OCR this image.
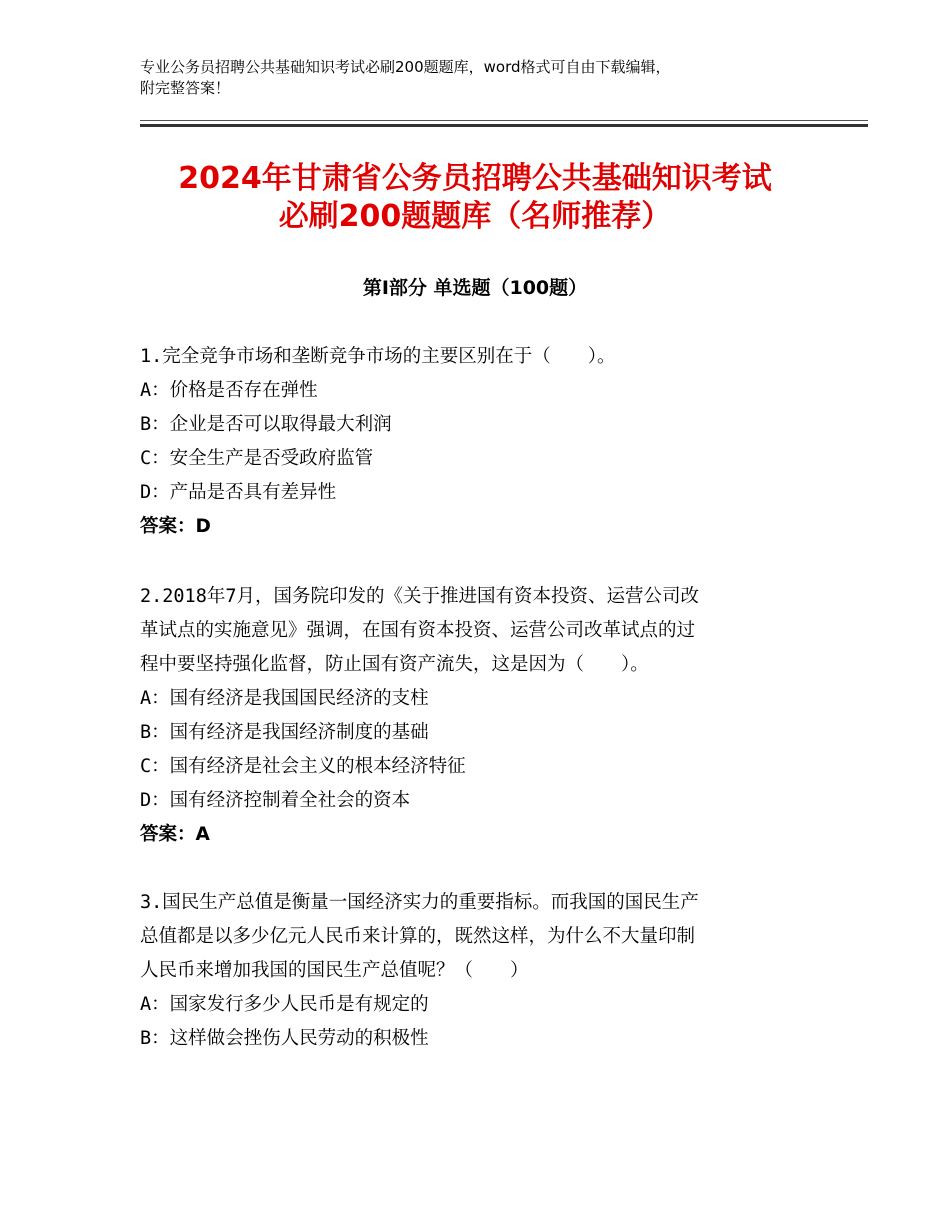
专业公务员招聘公共基础知识考试必刷200题题库，word格式可自由下载编辑，
附完整答案！
2024年甘肃省公务员招聘公共基础知识考试
必刷200题题库（名师推荐）
第Ⅰ部分 单选题（100题）

1.完全竞争市场和垄断竞争市场的主要区别在于（　　）。

A：价格是否存在弹性

B：企业是否可以取得最大利润

C：安全生产是否受政府监管

D：产品是否具有差异性

答案：D

2.2018年7月，国务院印发的《关于推进国有资本投资、运营公司改

革试点的实施意见》强调，在国有资本投资、运营公司改革试点的过

程中要坚持强化监督，防止国有资产流失，这是因为（　　）。

A：国有经济是我国国民经济的支柱

B：国有经济是我国经济制度的基础

C：国有经济是社会主义的根本经济特征

D：国有经济控制着全社会的资本

答案：A

3.国民生产总值是衡量一国经济实力的重要指标。而我国的国民生产

总值都是以多少亿元人民币来计算的，既然这样，为什么不大量印制

人民币来增加我国的国民生产总值呢？（　　）

A：国家发行多少人民币是有规定的

B：这样做会挫伤人民劳动的积极性
